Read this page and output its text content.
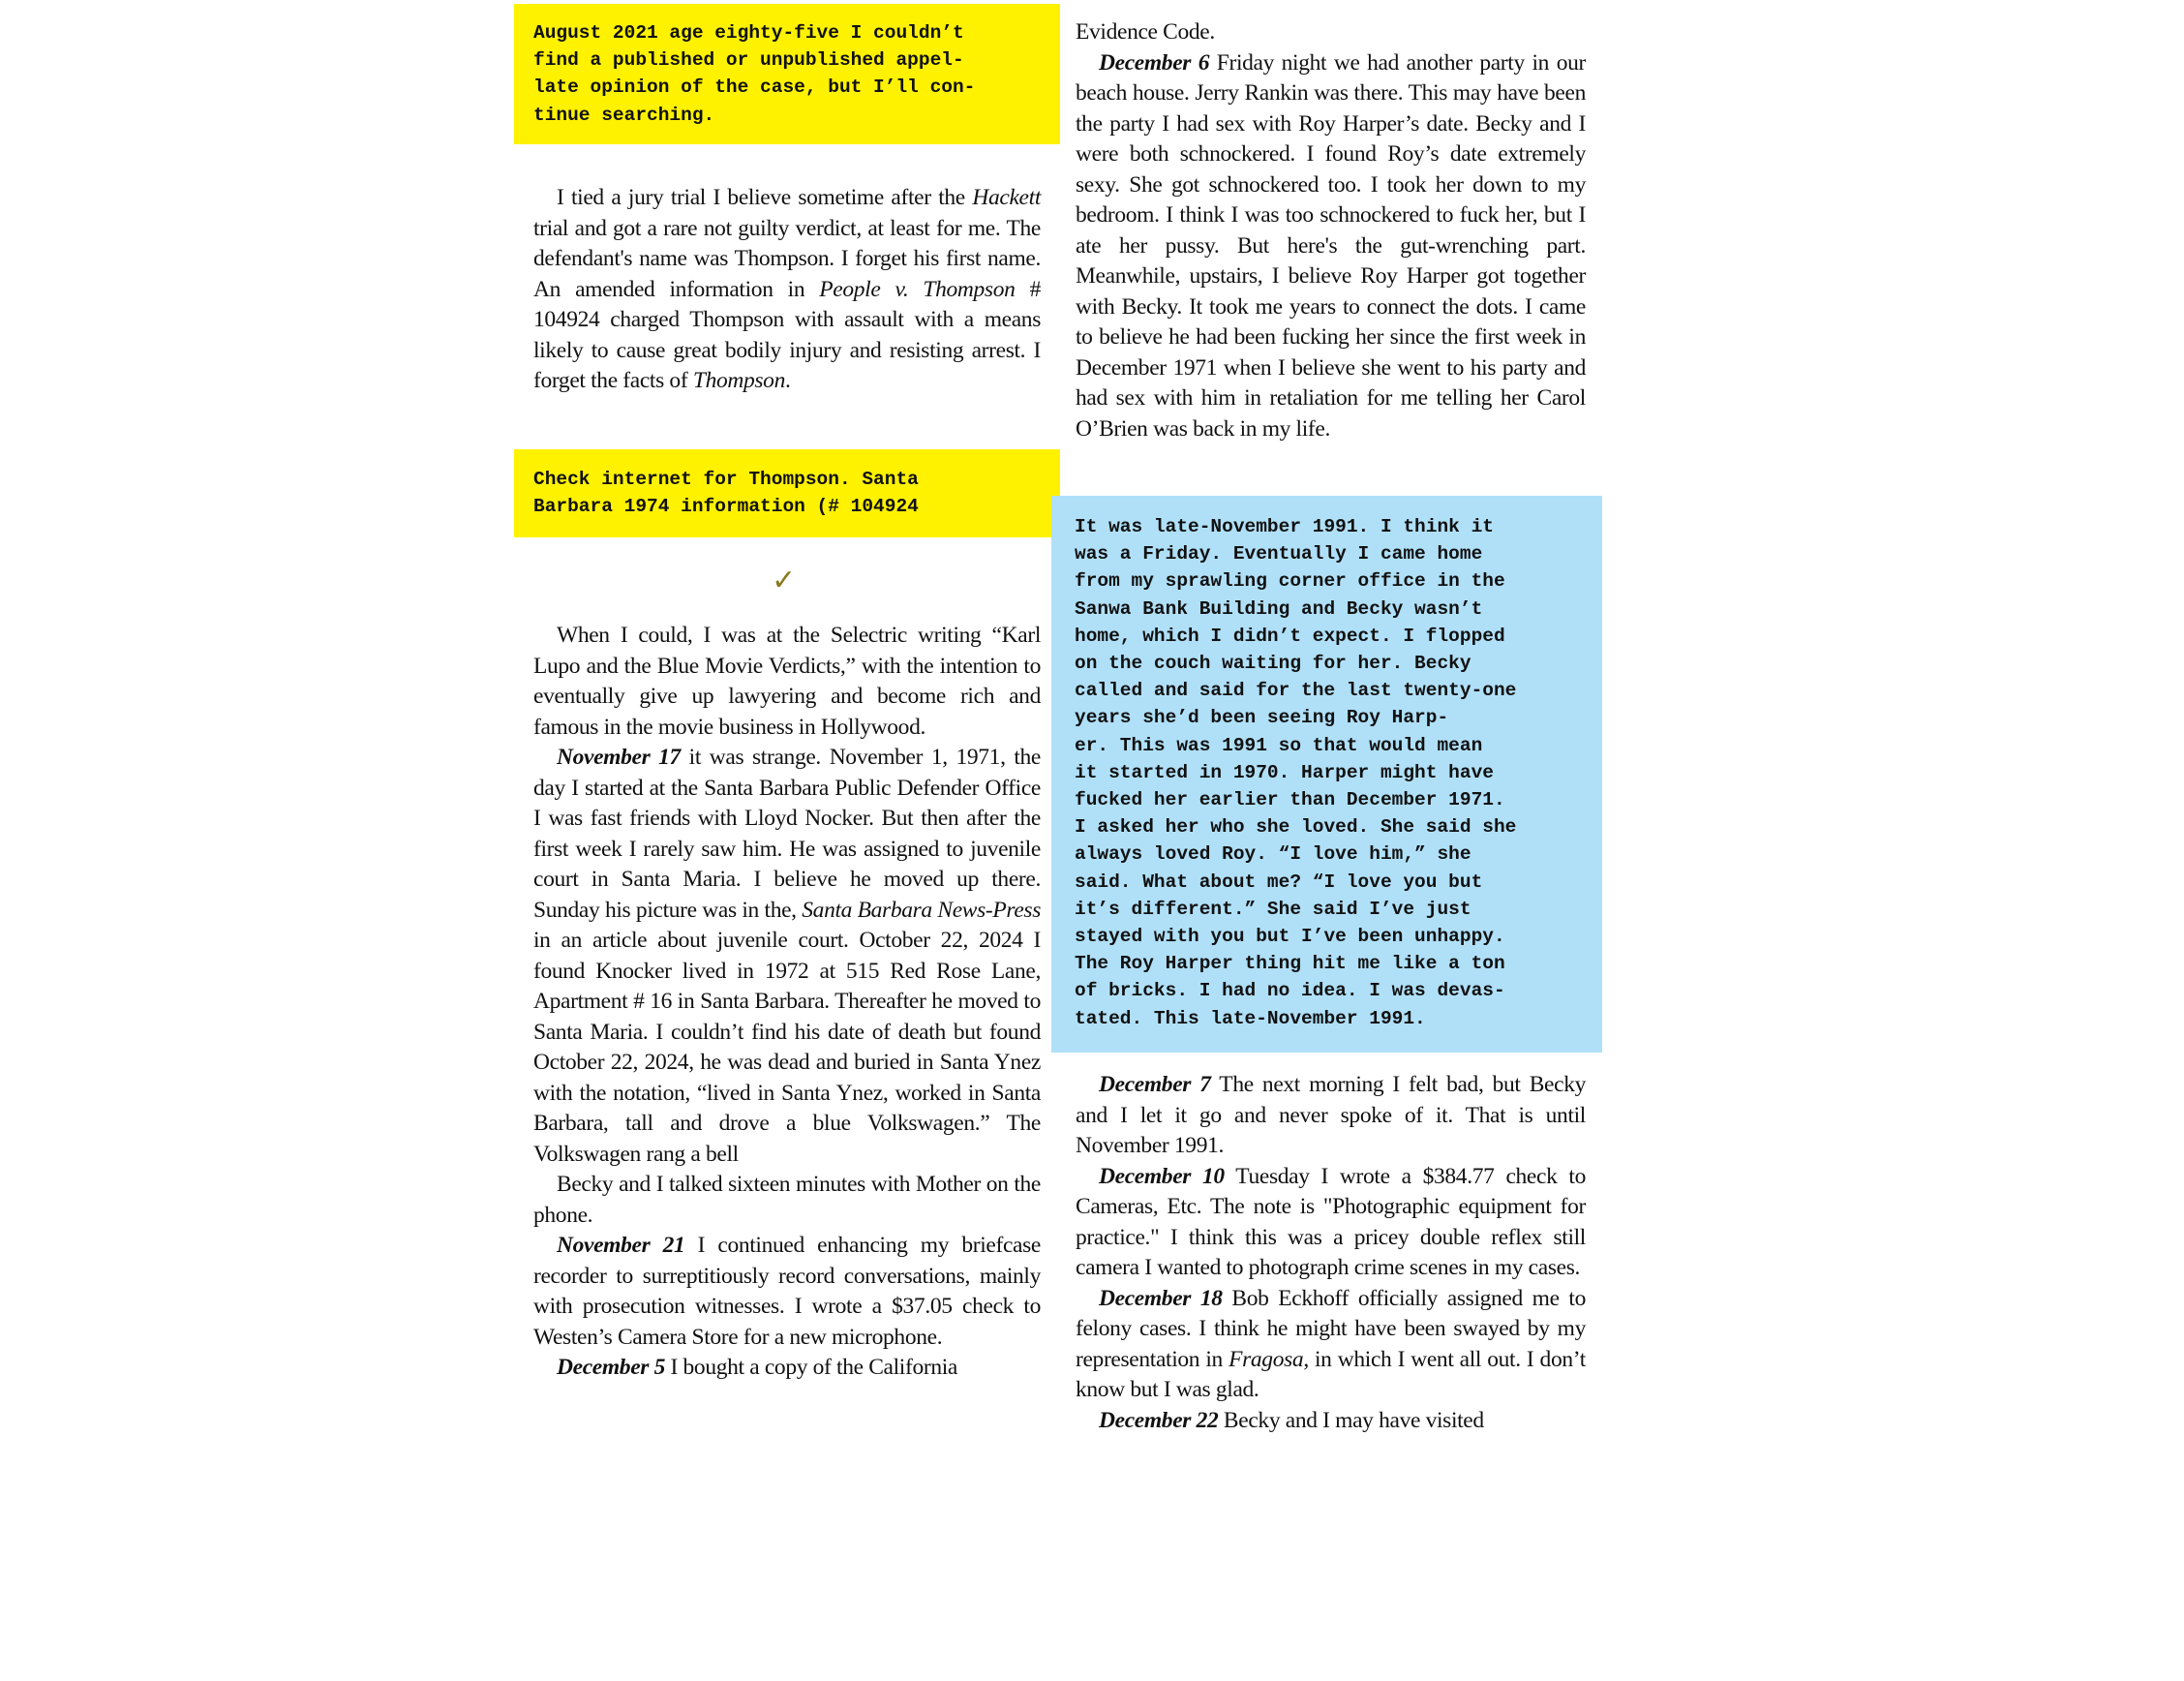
August 2021 age eighty-five I couldn’t
find a published or unpublished appel-
late opinion of the case, but I’ll con-
tinue searching.

I tied a jury trial I believe sometime after the Hackett trial and got a rare not guilty verdict, at least for me. The defendant's name was Thompson. I forget his first name. An amended information in People v. Thompson # 104924 charged Thompson with assault with a means likely to cause great bodily injury and resisting arrest. I forget the facts of Thompson.

Check internet for Thompson. Santa
Barbara 1974 information (# 104924
✓

When I could, I was at the Selectric writing “Karl Lupo and the Blue Movie Verdicts,” with the intention to eventually give up lawyering and become rich and famous in the movie business in Hollywood.

November 17 it was strange. November 1, 1971, the day I started at the Santa Barbara Public Defender Office I was fast friends with Lloyd Nocker. But then after the first week I rarely saw him. He was assigned to juvenile court in Santa Maria. I believe he moved up there. Sunday his picture was in the, Santa Barbara News-Press in an article about juvenile court. October 22, 2024 I found Knocker lived in 1972 at 515 Red Rose Lane, Apartment # 16 in Santa Barbara. Thereafter he moved to Santa Maria. I couldn’t find his date of death but found October 22, 2024, he was dead and buried in Santa Ynez with the notation, “lived in Santa Ynez, worked in Santa Barbara, tall and drove a blue Volkswagen.” The Volkswagen rang a bell

Becky and I talked sixteen minutes with Mother on the phone.

November 21 I continued enhancing my briefcase recorder to surreptitiously record conversations, mainly with prosecution witnesses. I wrote a $37.05 check to Westen’s Camera Store for a new microphone.

December 5 I bought a copy of the California

Evidence Code.

December 6 Friday night we had another party in our beach house. Jerry Rankin was there. This may have been the party I had sex with Roy Harper’s date. Becky and I were both schnockered. I found Roy’s date extremely sexy. She got schnockered too. I took her down to my bedroom. I think I was too schnockered to fuck her, but I ate her pussy. But here's the gut-wrenching part. Meanwhile, upstairs, I believe Roy Harper got together with Becky. It took me years to connect the dots. I came to believe he had been fucking her since the first week in December 1971 when I believe she went to his party and had sex with him in retaliation for me telling her Carol O’Brien was back in my life.

It was late-November 1991. I think it
was a Friday. Eventually I came home
from my sprawling corner office in the
Sanwa Bank Building and Becky wasn’t
home, which I didn’t expect. I flopped
on the couch waiting for her. Becky
called and said for the last twenty-one
years she’d been seeing Roy Harp-
er. This was 1991 so that would mean
it started in 1970. Harper might have
fucked her earlier than December 1971.
I asked her who she loved. She said she
always loved Roy. “I love him,” she
said. What about me? “I love you but
it’s different.” She said I’ve just
stayed with you but I’ve been unhappy.
The Roy Harper thing hit me like a ton
of bricks. I had no idea. I was devas-
tated. This late-November 1991.

December 7 The next morning I felt bad, but Becky and I let it go and never spoke of it. That is until November 1991.

December 10 Tuesday I wrote a $384.77 check to Cameras, Etc. The note is "Photographic equipment for practice." I think this was a pricey double reflex still camera I wanted to photograph crime scenes in my cases.

December 18 Bob Eckhoff officially assigned me to felony cases. I think he might have been swayed by my representation in Fragosa, in which I went all out. I don’t know but I was glad.

December 22 Becky and I may have visited
